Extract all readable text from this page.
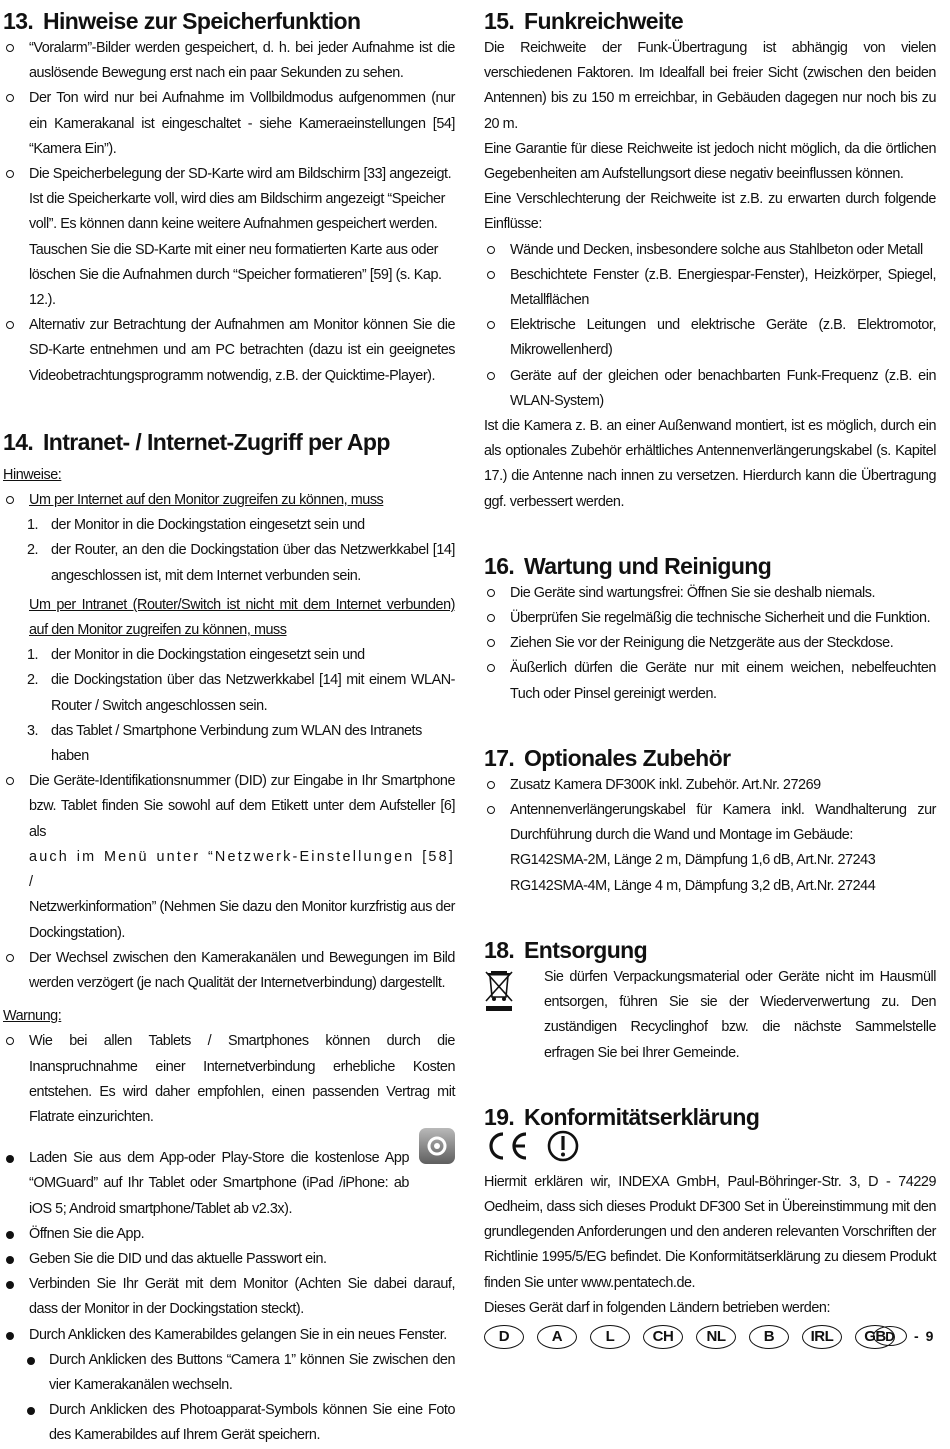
13. Hinweise zur Speicherfunktion
“Voralarm”-Bilder werden gespeichert, d. h. bei jeder Aufnahme ist die auslösende Bewegung erst nach ein paar Sekunden zu sehen.
Der Ton wird nur bei Aufnahme im Vollbildmodus aufgenommen (nur ein Kamerakanal ist eingeschaltet - siehe Kameraeinstellungen [54] “Kamera Ein”).
Die Speicherbelegung der SD-Karte wird am Bildschirm [33] angezeigt. Ist die Speicherkarte voll, wird dies am Bildschirm angezeigt “Speicher voll”. Es können dann keine weitere Aufnahmen gespeichert werden. Tauschen Sie die SD-Karte mit einer neu formatierten Karte aus oder löschen Sie die Aufnahmen durch “Speicher formatieren” [59] (s. Kap. 12.).
Alternativ zur Betrachtung der Aufnahmen am Monitor können Sie die SD-Karte entnehmen und am PC betrachten (dazu ist ein geeignetes Videobetrachtungsprogramm notwendig, z.B. der Quicktime-Player).
14. Intranet- / Internet-Zugriff per App
Hinweise:
Um per Internet auf den Monitor zugreifen zu können, muss
1. der Monitor in die Dockingstation eingesetzt sein und
2. der Router, an den die Dockingstation über das Netzwerkkabel [14] angeschlossen ist, mit dem Internet verbunden sein.
Um per Intranet (Router/Switch ist nicht mit dem Internet verbunden) auf den Monitor zugreifen zu können, muss
1. der Monitor in die Dockingstation eingesetzt sein und
2. die Dockingstation über das Netzwerkkabel [14] mit einem WLAN-Router / Switch angeschlossen sein.
3. das Tablet / Smartphone Verbindung zum WLAN des Intranets haben
Die Geräte-Identifikationsnummer (DID) zur Eingabe in Ihr Smartphone bzw. Tablet finden Sie sowohl auf dem Etikett unter dem Aufsteller [6] als
auch im Menü unter “Netzwerk-Einstellungen [58] /
Netzwerkinformation” (Nehmen Sie dazu den Monitor kurzfristig aus der Dockingstation).
Der Wechsel zwischen den Kamerakanälen und Bewegungen im Bild werden verzögert (je nach Qualität der Internetverbindung) dargestellt.
Warnung:
Wie bei allen Tablets / Smartphones können durch die Inanspruchnahme einer Internetverbindung erhebliche Kosten entstehen. Es wird daher empfohlen, einen passenden Vertrag mit Flatrate einzurichten.
Laden Sie aus dem App-oder Play-Store die kostenlose App “OMGuard” auf Ihr Tablet oder Smartphone (iPad /iPhone: ab iOS 5; Android smartphone/Tablet ab v2.3x).
Öffnen Sie die App.
Geben Sie die DID und das aktuelle Passwort ein.
Verbinden Sie Ihr Gerät mit dem Monitor (Achten Sie dabei darauf, dass der Monitor in der Dockingstation steckt).
Durch Anklicken des Kamerabildes gelangen Sie in ein neues Fenster.
Durch Anklicken des Buttons “Camera 1” können Sie zwischen den vier Kamerakanälen wechseln.
Durch Anklicken des Photoapparat-Symbols können Sie eine Foto des Kamerabildes auf Ihrem Gerät speichern.
15. Funkreichweite
Die Reichweite der Funk-Übertragung ist abhängig von vielen verschiedenen Faktoren. Im Idealfall bei freier Sicht (zwischen den beiden Antennen) bis zu 150 m erreichbar, in Gebäuden dagegen nur noch bis zu 20 m.
Eine Garantie für diese Reichweite ist jedoch nicht möglich, da die örtlichen Gegebenheiten am Aufstellungsort diese negativ beeinflussen können.
Eine Verschlechterung der Reichweite ist z.B. zu erwarten durch folgende Einflüsse:
Wände und Decken, insbesondere solche aus Stahlbeton oder Metall
Beschichtete Fenster (z.B. Energiespar-Fenster), Heizkörper, Spiegel, Metallflächen
Elektrische Leitungen und elektrische Geräte (z.B. Elektromotor, Mikrowellenherd)
Geräte auf der gleichen oder benachbarten Funk-Frequenz (z.B. ein WLAN-System)
Ist die Kamera z. B. an einer Außenwand montiert, ist es möglich, durch ein als optionales Zubehör erhältliches Antennenverlängerungskabel (s. Kapitel 17.) die Antenne nach innen zu versetzen. Hierdurch kann die Übertragung ggf. verbessert werden.
16. Wartung und Reinigung
Die Geräte sind wartungsfrei: Öffnen Sie sie deshalb niemals.
Überprüfen Sie regelmäßig die technische Sicherheit und die Funktion.
Ziehen Sie vor der Reinigung die Netzgeräte aus der Steckdose.
Äußerlich dürfen die Geräte nur mit einem weichen, nebelfeuchten Tuch oder Pinsel gereinigt werden.
17. Optionales Zubehör
Zusatz Kamera DF300K inkl. Zubehör. Art.Nr. 27269
Antennenverlängerungskabel für Kamera inkl. Wandhalterung zur Durchführung durch die Wand und Montage im Gebäude:
RG142SMA-2M, Länge 2 m, Dämpfung 1,6 dB, Art.Nr. 27243
RG142SMA-4M, Länge 4 m, Dämpfung 3,2 dB, Art.Nr. 27244
18. Entsorgung
Sie dürfen Verpackungsmaterial oder Geräte nicht im Hausmüll entsorgen, führen Sie sie der Wiederverwertung zu. Den zuständigen Recyclinghof bzw. die nächste Sammelstelle erfragen Sie bei Ihrer Gemeinde.
19. Konformitätserklärung
Hiermit erklären wir, INDEXA GmbH, Paul-Böhringer-Str. 3, D - 74229 Oedheim, dass sich dieses Produkt DF300 Set in Übereinstimmung mit den grundlegenden Anforderungen und den anderen relevanten Vorschriften der Richtlinie 1995/5/EG befindet. Die Konformitätserklärung zu diesem Produkt finden Sie unter www.pentatech.de.
Dieses Gerät darf in folgenden Ländern betrieben werden:
D	A	L	CH	NL	B	IRL	GB D	- 9
